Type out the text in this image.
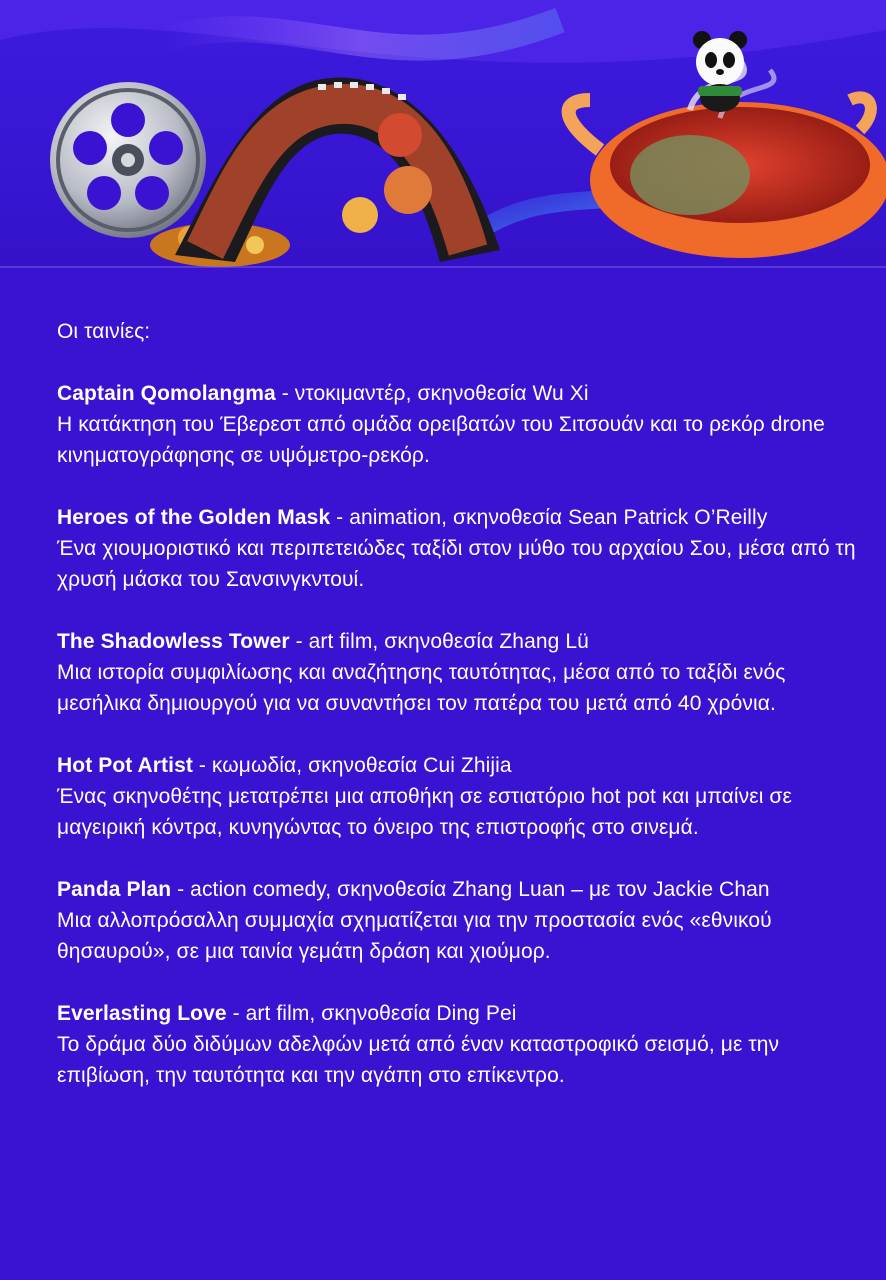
Οι ταινίες:

Captain Qomolangma - ντοκιμαντέρ, σκηνοθεσία Wu Xi

Η κατάκτηση του Έβερεστ από ομάδα ορειβατών του Σιτσουάν και το ρεκόρ drone κινηματογράφησης σε υψόμετρο-ρεκόρ.

Heroes of the Golden Mask - animation, σκηνοθεσία Sean Patrick O’Reilly

Ένα χιουμοριστικό και περιπετειώδες ταξίδι στον μύθο του αρχαίου Σου, μέσα από τη χρυσή μάσκα του Σανσινγκντουί.

The Shadowless Tower - art film, σκηνοθεσία Zhang Lü

Μια ιστορία συμφιλίωσης και αναζήτησης ταυτότητας, μέσα από το ταξίδι ενός μεσήλικα δημιουργού για να συναντήσει τον πατέρα του μετά από 40 χρόνια.

Hot Pot Artist - κωμωδία, σκηνοθεσία Cui Zhijia

Ένας σκηνοθέτης μετατρέπει μια αποθήκη σε εστιατόριο hot pot και μπαίνει σε μαγειρική κόντρα, κυνηγώντας το όνειρο της επιστροφής στο σινεμά.

Panda Plan - action comedy, σκηνοθεσία Zhang Luan – με τον Jackie Chan

Μια αλλοπρόσαλλη συμμαχία σχηματίζεται για την προστασία ενός «εθνικού θησαυρού», σε μια ταινία γεμάτη δράση και χιούμορ.

Everlasting Love - art film, σκηνοθεσία Ding Pei

Το δράμα δύο διδύμων αδελφών μετά από έναν καταστροφικό σεισμό, με την επιβίωση, την ταυτότητα και την αγάπη στο επίκεντρο.
